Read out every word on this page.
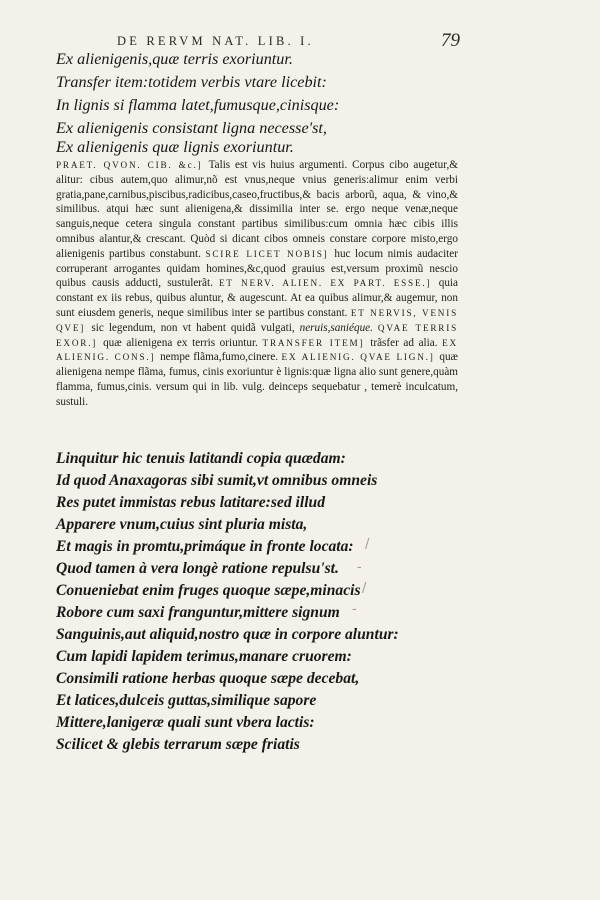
DE RERVM NAT. LIB. I.	79
Ex alienigenis,quæ terris exoriuntur.
Transfer item:totidem verbis vtare licebit:
In lignis si flamma latet,fumusque,cinisque:
Ex alienigenis consistant ligna necesse'st,
Ex alienigenis quæ lignis exoriuntur.
PRAET. QVON. CIB. &c.] Talis est vis huius argumenti. Corpus cibo augetur,& alitur: cibus autem,quo alimur,nõ est vnus,neque vnius generis:alimur enim verbi gratia,pane,carnibus,piscibus,radicibus,caseo,fructibus,& bacis arborũ, aqua, & vino,& similibus. atqui hæc sunt alienigena,& dissimilia inter se. ergo neque venæ,neque sanguis,neque cetera singula constant partibus similibus:cum omnia hæc cibis illis omnibus alantur,& crescant. Quòd si dicant cibos omneis constare corpore misto,ergo alienigenis partibus constabunt. SCIRE LICET NOBIS] huc locum nimis audaciter corruperant arrogantes quidam homines,&c,quod grauius est,versum proximũ nescio quibus causis adducti, sustulerãt. ET NERV. ALIEN. EX PART. ESSE.] quia constant ex iis rebus, quibus aluntur, & augescunt. At ea quibus alimur,& augemur, non sunt eiusdem generis, neque similibus inter se partibus constant. ET NERVIS, VENIS QVE] sic legendum, non vt habent quidã vulgati, neruis,saniéque. QVAE TERRIS EXOR.] quæ alienigena ex terris oriuntur. TRANSFER ITEM] trãsfer ad alia. EX ALIENIG. CONS.] nempe flãma,fumo,cinere. EX ALIENIG. QVAE LIGN.] quæ alienigena nempe flãma, fumus, cinis exoriuntur è lignis:quæ ligna alio sunt genere,quàm flamma, fumus,cinis. versum qui in lib. vulg. deinceps sequebatur , temerè inculcatum, sustuli.
Linquitur hic tenuis latitandi copia quædam:
Id quod Anaxagoras sibi sumit,vt omnibus omneis
Res putet immistas rebus latitare:sed illud
Apparere vnum,cuius sint pluria mista,
Et magis in promtu,primáque in fronte locata:
Quod tamen à vera longè ratione repulsu'st.
Conueniebat enim fruges quoque sæpe,minacis
Robore cum saxi franguntur,mittere signum
Sanguinis,aut aliquid,nostro quæ in corpore aluntur:
Cum lapidi lapidem terimus,manare cruorem:
Consimili ratione herbas quoque sæpe decebat,
Et latices,dulceis guttas,similique sapore
Mittere,lanigeræ quali sunt vbera lactis:
Scilicet & glebis terrarum sæpe friatis
/
-
/
-
